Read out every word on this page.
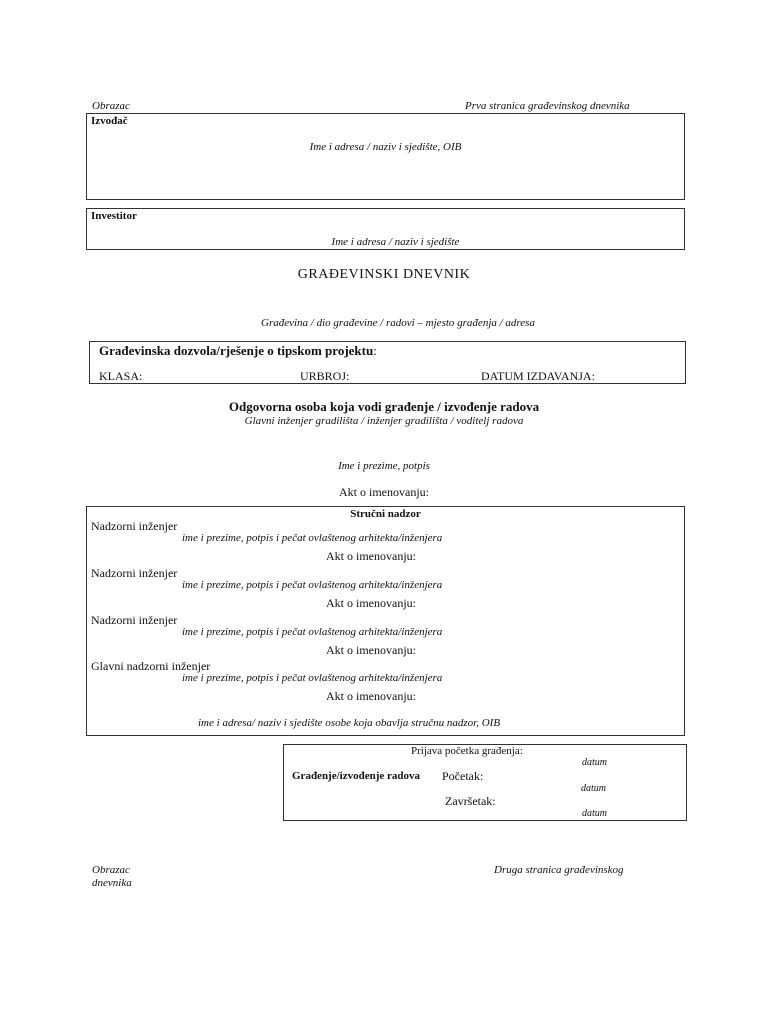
Obrazac	Prva stranica građevinskog dnevnika
Izvođač
Ime i adresa / naziv i sjedište, OIB
Investitor
Ime i adresa / naziv i sjedište
GRAĐEVINSKI DNEVNIK
Građevina / dio građevine / radovi – mjesto građenja / adresa
Građevinska dozvola/rješenje o tipskom projektu:
KLASA:	URBROJ:	DATUM IZDAVANJA:
Odgovorna osoba koja vodi građenje / izvođenje radova
Glavni inženjer gradilišta / inženjer gradilišta / voditelj radova
Ime i prezime, potpis
Akt o imenovanju:
Stručni nadzor
Nadzorni inženjer
ime i prezime, potpis i pečat ovlaštenog arhitekta/inženjera
Akt o imenovanju:
Nadzorni inženjer
ime i prezime, potpis i pečat ovlaštenog arhitekta/inženjera
Akt o imenovanju:
Nadzorni inženjer
ime i prezime, potpis i pečat ovlaštenog arhitekta/inženjera
Akt o imenovanju:
Glavni nadzorni inženjer
ime i prezime, potpis i pečat ovlaštenog arhitekta/inženjera
Akt o imenovanju:
ime i adresa/ naziv i sjedište osobe koja obavlja stručnu nadzor, OIB
Prijava početka građenja:
datum
Građenje/izvođenje radova Početak:
datum
Završetak:
datum
Obrazac
dnevnika
Druga stranica građevinskog
